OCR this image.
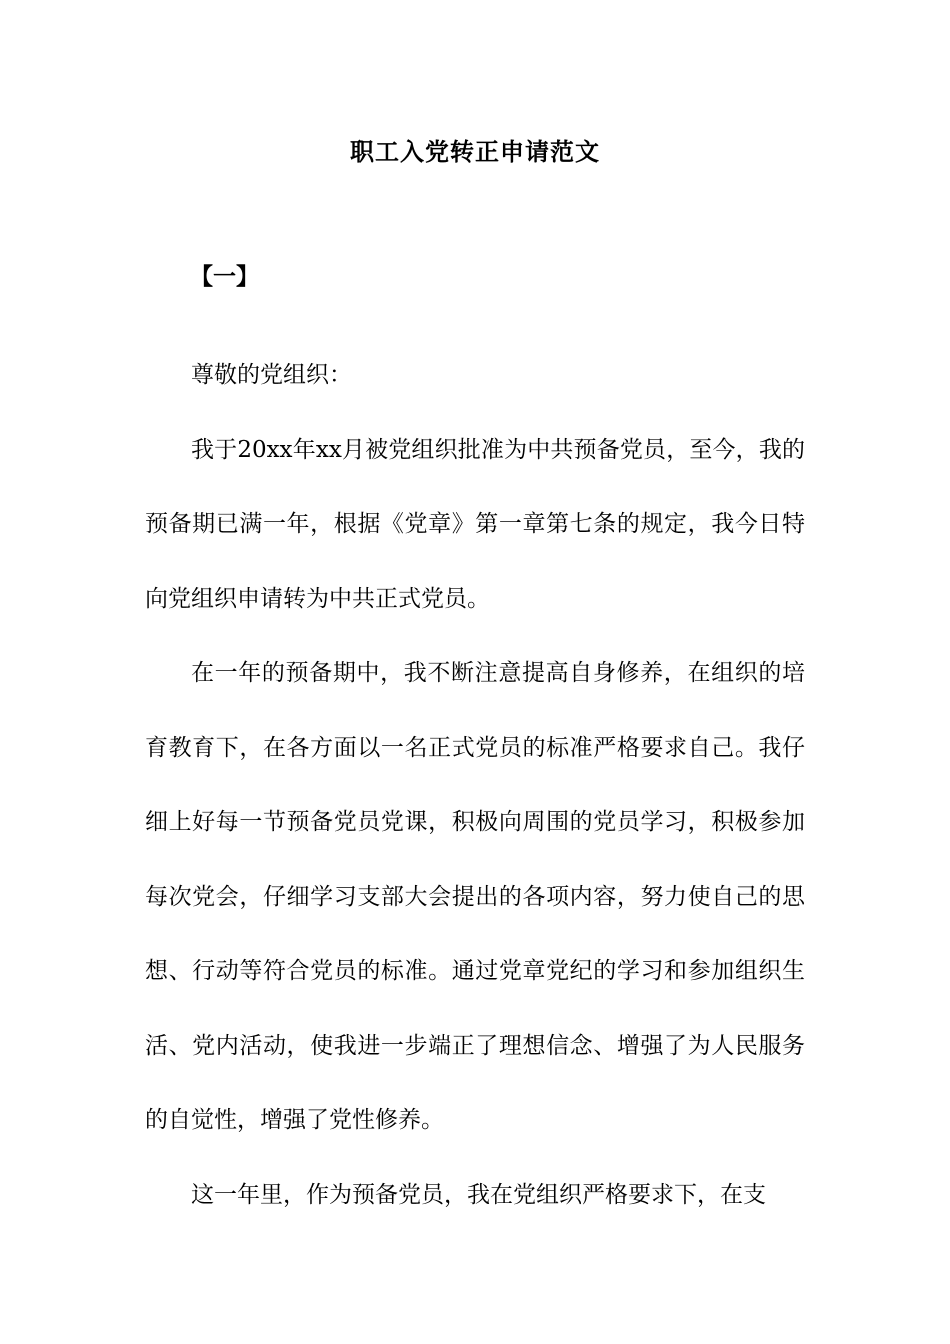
职工入党转正申请范文
【一】

尊敬的党组织：

我于20xx年xx月被党组织批准为中共预备党员，至今，我的预备期已满一年，根据《党章》第一章第七条的规定，我今日特向党组织申请转为中共正式党员。

在一年的预备期中，我不断注意提高自身修养，在组织的培育教育下，在各方面以一名正式党员的标准严格要求自己。我仔细上好每一节预备党员党课，积极向周围的党员学习，积极参加每次党会，仔细学习支部大会提出的各项内容，努力使自己的思想、行动等符合党员的标准。通过党章党纪的学习和参加组织生活、党内活动，使我进一步端正了理想信念、增强了为人民服务的自觉性，增强了党性修养。

这一年里，作为预备党员，我在党组织严格要求下，在支
